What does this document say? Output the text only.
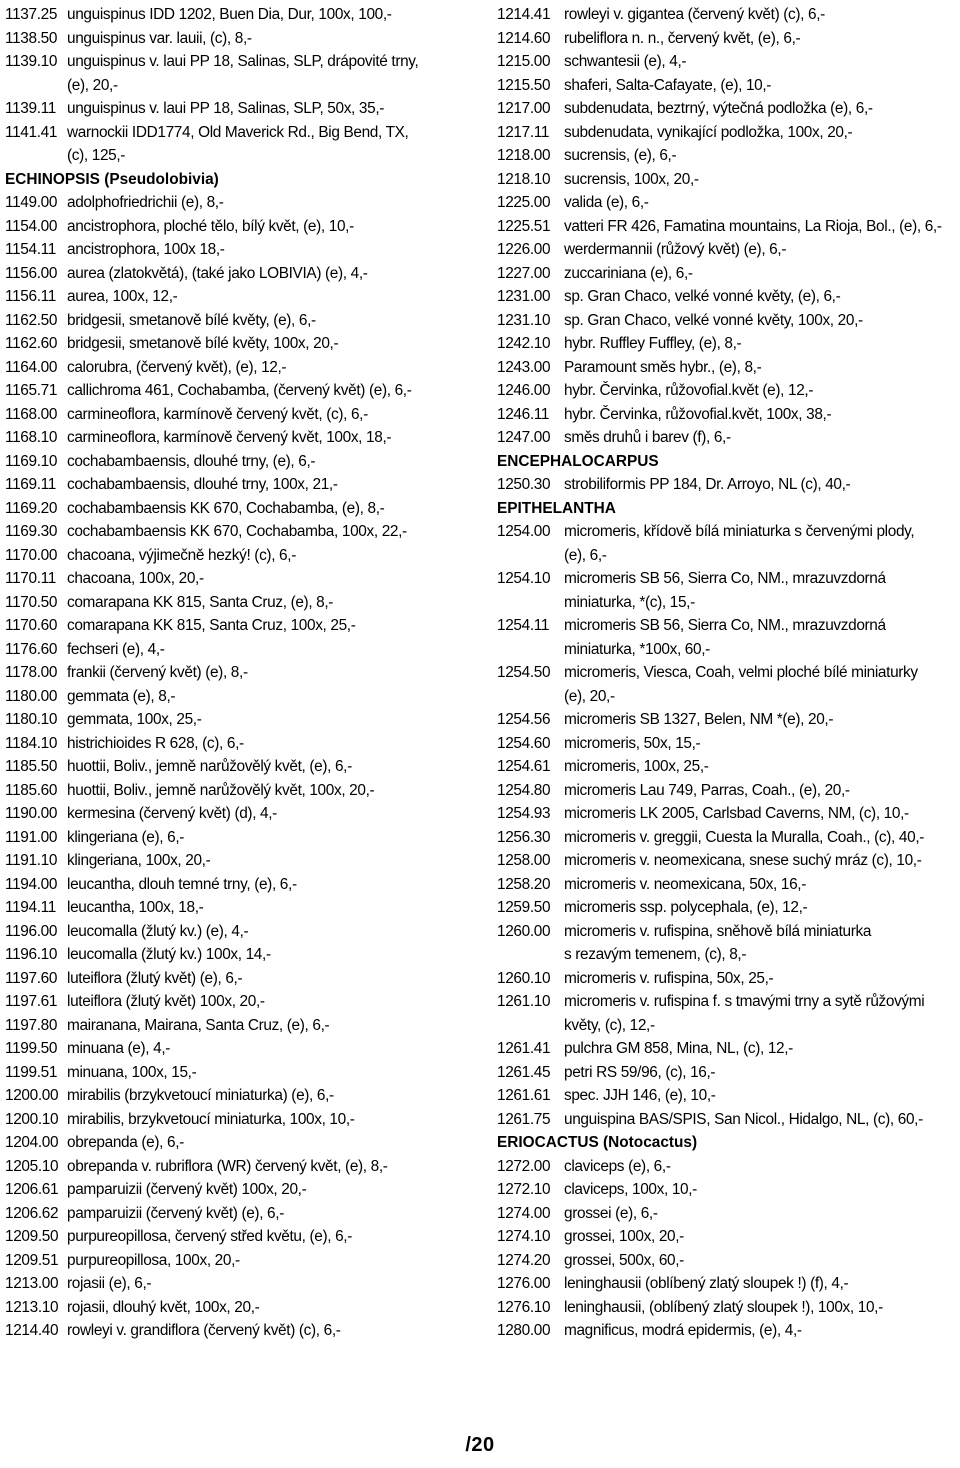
1137.25 unguispinus IDD 1202, Buen Dia, Dur, 100x, 100,-
1138.50 unguispinus var. lauii, (c), 8,-
1139.10 unguispinus v. laui PP 18, Salinas, SLP, drápovité trny,
(e), 20,-
1139.11 unguispinus v. laui PP 18, Salinas, SLP, 50x, 35,-
1141.41 warnockii IDD1774, Old Maverick Rd., Big Bend, TX,
(c), 125,-
ECHINOPSIS (Pseudolobivia)
1149.00 adolphofriedrichii (e), 8,-
1154.00 ancistrophora, ploché tělo, bílý květ, (e), 10,-
1154.11 ancistrophora, 100x 18,-
1156.00 aurea (zlatokvětá), (také jako LOBIVIA) (e), 4,-
1156.11 aurea, 100x, 12,-
1162.50 bridgesii, smetanově bílé květy, (e), 6,-
1162.60 bridgesii, smetanově bílé květy, 100x, 20,-
1164.00 calorubra, (červený květ), (e), 12,-
1165.71 callichroma 461, Cochabamba, (červený květ) (e), 6,-
1168.00 carmineoflora, karmínově červený květ, (c), 6,-
1168.10 carmineoflora, karmínově červený květ, 100x, 18,-
1169.10 cochabambaensis, dlouhé trny, (e), 6,-
1169.11 cochabambaensis, dlouhé trny, 100x, 21,-
1169.20 cochabambaensis KK 670, Cochabamba, (e), 8,-
1169.30 cochabambaensis KK 670, Cochabamba, 100x, 22,-
1170.00 chacoana, výjimečně hezký! (c), 6,-
1170.11 chacoana, 100x, 20,-
1170.50 comarapana KK 815, Santa Cruz, (e), 8,-
1170.60 comarapana KK 815, Santa Cruz, 100x, 25,-
1176.60 fechseri (e), 4,-
1178.00 frankii (červený květ) (e), 8,-
1180.00 gemmata (e), 8,-
1180.10 gemmata, 100x, 25,-
1184.10 histrichioides R 628, (c), 6,-
1185.50 huottii, Boliv., jemně narůžovělý květ, (e), 6,-
1185.60 huottii, Boliv., jemně narůžovělý květ, 100x, 20,-
1190.00 kermesina (červený květ) (d), 4,-
1191.00 klingeriana (e), 6,-
1191.10 klingeriana, 100x, 20,-
1194.00 leucantha, dlouh temné trny, (e), 6,-
1194.11 leucantha, 100x, 18,-
1196.00 leucomalla (žlutý kv.) (e), 4,-
1196.10 leucomalla (žlutý kv.) 100x, 14,-
1197.60 luteiflora (žlutý květ) (e), 6,-
1197.61 luteiflora (žlutý květ) 100x, 20,-
1197.80 mairanana, Mairana, Santa Cruz, (e), 6,-
1199.50 minuana (e), 4,-
1199.51 minuana, 100x, 15,-
1200.00 mirabilis (brzykvetoucí miniaturka) (e), 6,-
1200.10 mirabilis, brzykvetoucí miniaturka, 100x, 10,-
1204.00 obrepanda (e), 6,-
1205.10 obrepanda v. rubriflora (WR) červený květ, (e), 8,-
1206.61 pamparuizii (červený květ) 100x, 20,-
1206.62 pamparuizii (červený květ) (e), 6,-
1209.50 purpureopillosa, červený střed květu, (e), 6,-
1209.51 purpureopillosa, 100x, 20,-
1213.00 rojasii (e), 6,-
1213.10 rojasii, dlouhý květ, 100x, 20,-
1214.40 rowleyi v. grandiflora (červený květ) (c), 6,-
1214.41 rowleyi v. gigantea (červený květ) (c), 6,-
1214.60 rubeliflora n. n., červený květ, (e), 6,-
1215.00 schwantesii (e), 4,-
1215.50 shaferi, Salta-Cafayate, (e), 10,-
1217.00 subdenudata, beztrný, výtečná podložka (e), 6,-
1217.11 subdenudata, vynikající podložka, 100x, 20,-
1218.00 sucrensis, (e), 6,-
1218.10 sucrensis, 100x, 20,-
1225.00 valida (e), 6,-
1225.51 vatteri FR 426, Famatina mountains, La Rioja, Bol., (e), 6,-
1226.00 werdermannii (růžový květ) (e), 6,-
1227.00 zuccariniana (e), 6,-
1231.00 sp. Gran Chaco, velké vonné květy, (e), 6,-
1231.10 sp. Gran Chaco, velké vonné květy, 100x, 20,-
1242.10 hybr. Ruffley Fuffley, (e), 8,-
1243.00 Paramount směs hybr., (e), 8,-
1246.00 hybr. Červinka, růžovofial.květ (e), 12,-
1246.11 hybr. Červinka, růžovofial.květ, 100x, 38,-
1247.00 směs druhů i barev (f), 6,-
ENCEPHALOCARPUS
1250.30 strobiliformis PP 184, Dr. Arroyo, NL (c), 40,-
EPITHELANTHA
1254.00 micromeris, křídově bílá miniaturka s červenými plody,
(e), 6,-
1254.10 micromeris SB 56, Sierra Co, NM., mrazuvzdorná
miniaturka, *(c), 15,-
1254.11 micromeris SB 56, Sierra Co, NM., mrazuvzdorná
miniaturka, *100x, 60,-
1254.50 micromeris, Viesca, Coah, velmi ploché bílé miniaturky
(e), 20,-
1254.56 micromeris SB 1327, Belen, NM *(e), 20,-
1254.60 micromeris, 50x, 15,-
1254.61 micromeris, 100x, 25,-
1254.80 micromeris Lau 749, Parras, Coah., (e), 20,-
1254.93 micromeris LK 2005, Carlsbad Caverns, NM, (c), 10,-
1256.30 micromeris v. greggii, Cuesta la Muralla, Coah., (c), 40,-
1258.00 micromeris v. neomexicana, snese suchý mráz (c), 10,-
1258.20 micromeris v. neomexicana, 50x, 16,-
1259.50 micromeris ssp. polycephala, (e), 12,-
1260.00 micromeris v. rufispina, sněhově bílá miniaturka
s rezavým temenem, (c), 8,-
1260.10 micromeris v. rufispina, 50x, 25,-
1261.10 micromeris v. rufispina f. s tmavými trny a sytě růžovými
květy, (c), 12,-
1261.41 pulchra GM 858, Mina, NL, (c), 12,-
1261.45 petri RS 59/96, (c), 16,-
1261.61 spec. JJH 146, (e), 10,-
1261.75 unguispina BAS/SPIS, San Nicol., Hidalgo, NL, (c), 60,-
ERIOCACTUS (Notocactus)
1272.00 claviceps (e), 6,-
1272.10 claviceps, 100x, 10,-
1274.00 grossei (e), 6,-
1274.10 grossei, 100x, 20,-
1274.20 grossei, 500x, 60,-
1276.00 leninghausii (oblíbený zlatý sloupek !) (f), 4,-
1276.10 leninghausii, (oblíbený zlatý sloupek !), 100x, 10,-
1280.00 magnificus, modrá epidermis, (e), 4,-
/20
